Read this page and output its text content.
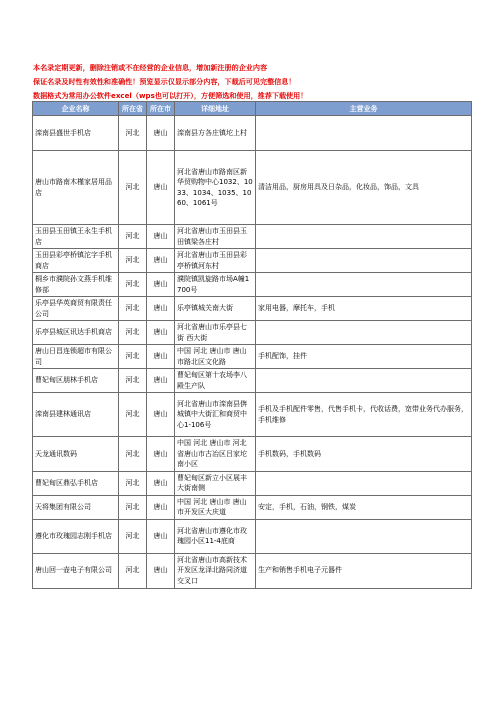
本名录定期更新，删除注销或不在经营的企业信息，增加新注册的企业内容
保证名录及时性有效性和准确性！预览显示仅显示部分内容，下载后可见完整信息！
数据格式为常用办公软件excel（wps也可以打开），方便筛选和使用，推荐下载使用！
企业名称	所在省	所在市	详细地址	主营业务
滦南县盛世手机店	河北	唐山	滦南县方各庄镇坨上村	
唐山市路南木槿家居用品店	河北	唐山	河北省唐山市路南区新华贸购物中心1032、1033、1034、1035、1060、1061号	清洁用品，厨房用具及日杂品，化妆品，饰品，文具
玉田县玉田镇王永生手机店	河北	唐山	河北省唐山市玉田县玉田镇梁各庄村	
玉田县彩亭桥镇沱字手机商店	河北	唐山	河北省唐山市玉田县彩亭桥镇河东村	
桐乡市濮院孙文燕手机维修部	河北	唐山	濮院镇凯旋路市场A幢1700号	
乐亭县华英商贸有限责任公司	河北	唐山	乐亭镇城关南大街	家用电器，摩托车，手机
乐亭县城区讯达手机商店	河北	唐山	河北省唐山市乐亭县七街 西大街	
唐山日昌连锁超市有限公司	河北	唐山	中国 河北 唐山市 唐山市路北区文化路	手机配饰，挂件
曹妃甸区朋林手机店	河北	唐山	曹妃甸区第十农场李八殿生产队	
滦南县建林通讯店	河北	唐山	河北省唐山市滦南县倴城镇中大街汇和商贸中心1-106号	手机及手机配件零售，代售手机卡，代收话费，宽带业务代办服务，手机维修
天龙通讯数码	河北	唐山	中国 河北 唐山市 河北省唐山市古冶区吕家坨南小区	手机数码，手机数码
曹妃甸区鼎弘手机店	河北	唐山	曹妃甸区新立小区展丰大街南侧	
天将集团有限公司	河北	唐山	中国 河北 唐山市 唐山市开发区大庆道	安定，手机，石油，钢铁，煤炭
遵化市玫瑰园志刚手机店	河北	唐山	河北省唐山市遵化市玫瑰园小区11-4底商	
唐山回一壶电子有限公司	河北	唐山	河北省唐山市高新技术开发区龙泽北路同济道交叉口	生产和销售手机电子元器件
